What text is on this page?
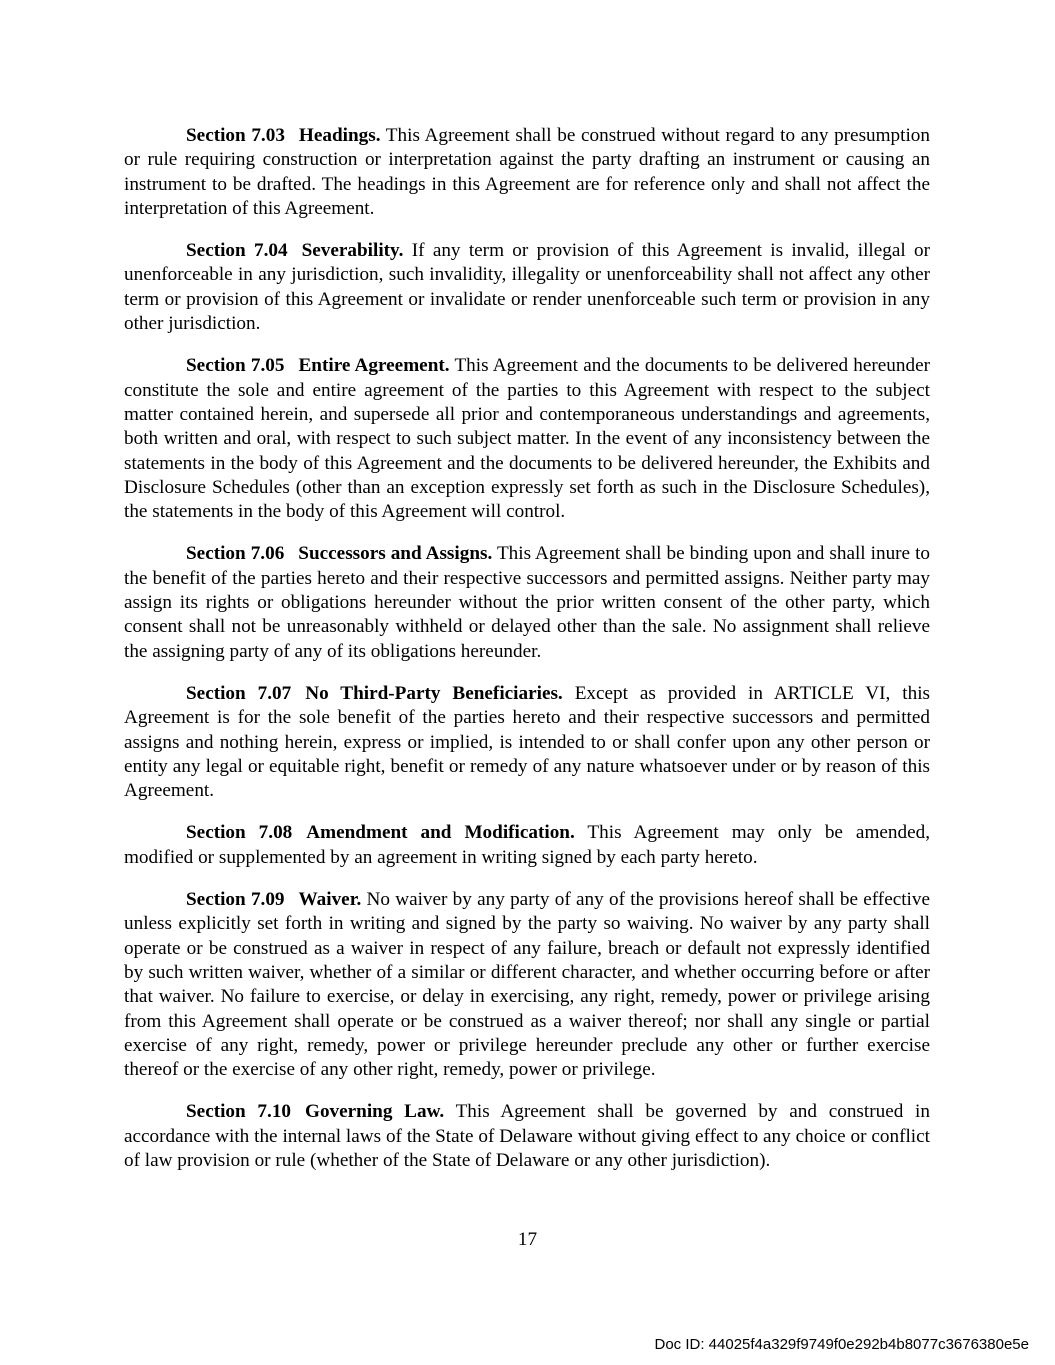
Section 7.03 Headings. This Agreement shall be construed without regard to any presumption or rule requiring construction or interpretation against the party drafting an instrument or causing an instrument to be drafted. The headings in this Agreement are for reference only and shall not affect the interpretation of this Agreement.

Section 7.04 Severability. If any term or provision of this Agreement is invalid, illegal or unenforceable in any jurisdiction, such invalidity, illegality or unenforceability shall not affect any other term or provision of this Agreement or invalidate or render unenforceable such term or provision in any other jurisdiction.

Section 7.05 Entire Agreement. This Agreement and the documents to be delivered hereunder constitute the sole and entire agreement of the parties to this Agreement with respect to the subject matter contained herein, and supersede all prior and contemporaneous understandings and agreements, both written and oral, with respect to such subject matter. In the event of any inconsistency between the statements in the body of this Agreement and the documents to be delivered hereunder, the Exhibits and Disclosure Schedules (other than an exception expressly set forth as such in the Disclosure Schedules), the statements in the body of this Agreement will control.

Section 7.06 Successors and Assigns. This Agreement shall be binding upon and shall inure to the benefit of the parties hereto and their respective successors and permitted assigns. Neither party may assign its rights or obligations hereunder without the prior written consent of the other party, which consent shall not be unreasonably withheld or delayed other than the sale. No assignment shall relieve the assigning party of any of its obligations hereunder.

Section 7.07 No Third-Party Beneficiaries. Except as provided in ARTICLE VI, this Agreement is for the sole benefit of the parties hereto and their respective successors and permitted assigns and nothing herein, express or implied, is intended to or shall confer upon any other person or entity any legal or equitable right, benefit or remedy of any nature whatsoever under or by reason of this Agreement.

Section 7.08 Amendment and Modification. This Agreement may only be amended, modified or supplemented by an agreement in writing signed by each party hereto.

Section 7.09 Waiver. No waiver by any party of any of the provisions hereof shall be effective unless explicitly set forth in writing and signed by the party so waiving. No waiver by any party shall operate or be construed as a waiver in respect of any failure, breach or default not expressly identified by such written waiver, whether of a similar or different character, and whether occurring before or after that waiver. No failure to exercise, or delay in exercising, any right, remedy, power or privilege arising from this Agreement shall operate or be construed as a waiver thereof; nor shall any single or partial exercise of any right, remedy, power or privilege hereunder preclude any other or further exercise thereof or the exercise of any other right, remedy, power or privilege.

Section 7.10 Governing Law. This Agreement shall be governed by and construed in accordance with the internal laws of the State of Delaware without giving effect to any choice or conflict of law provision or rule (whether of the State of Delaware or any other jurisdiction).

17
Doc ID: 44025f4a329f9749f0e292b4b8077c3676380e5e
